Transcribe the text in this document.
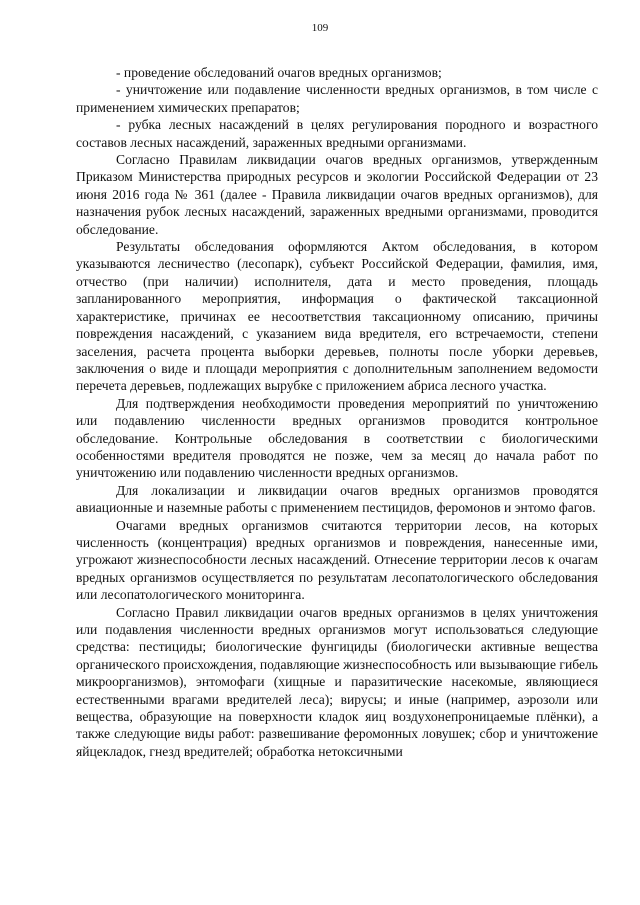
109

- проведение обследований очагов вредных организмов;

- уничтожение или подавление численности вредных организмов, в том числе с применением химических препаратов;

- рубка лесных насаждений в целях регулирования породного и возрастного составов лесных насаждений, зараженных вредными организмами.

Согласно Правилам ликвидации очагов вредных организмов, утвержденным Приказом Министерства природных ресурсов и экологии Российской Федерации от 23 июня 2016 года № 361 (далее - Правила ликвидации очагов вредных организмов), для назначения рубок лесных насаждений, зараженных вредными организмами, проводится обследование.

Результаты обследования оформляются Актом обследования, в котором указываются лесничество (лесопарк), субъект Российской Федерации, фамилия, имя, отчество (при наличии) исполнителя, дата и место проведения, площадь запланированного мероприятия, информация о фактической таксационной характеристике, причинах ее несоответствия таксационному описанию, причины повреждения насаждений, с указанием вида вредителя, его встречаемости, степени заселения, расчета процента выборки деревьев, полноты после уборки деревьев, заключения о виде и площади мероприятия с дополнительным заполнением ведомости перечета деревьев, подлежащих вырубке с приложением абриса лесного участка.

Для подтверждения необходимости проведения мероприятий по уничтожению или подавлению численности вредных организмов проводится контрольное обследование. Контрольные обследования в соответствии с биологическими особенностями вредителя проводятся не позже, чем за месяц до начала работ по уничтожению или подавлению численности вредных организмов.

Для локализации и ликвидации очагов вредных организмов проводятся авиационные и наземные работы с применением пестицидов, феромонов и энтомо фагов.

Очагами вредных организмов считаются территории лесов, на которых численность (концентрация) вредных организмов и повреждения, нанесенные ими, угрожают жизнеспособности лесных насаждений. Отнесение территории лесов к очагам вредных организмов осуществляется по результатам лесопатологического обследования или лесопатологического мониторинга.

Согласно Правил ликвидации очагов вредных организмов в целях уничтожения или подавления численности вредных организмов могут использоваться следующие средства: пестициды; биологические фунгициды (биологически активные вещества органического происхождения, подавляющие жизнеспособность или вызывающие гибель микроорганизмов), энтомофаги (хищные и паразитические насекомые, являющиеся естественными врагами вредителей леса); вирусы; и иные (например, аэрозоли или вещества, образующие на поверхности кладок яиц воздухонепроницаемые плёнки), а также следующие виды работ: развешивание феромонных ловушек; сбор и уничтожение яйцекладок, гнезд вредителей; обработка нетоксичными
